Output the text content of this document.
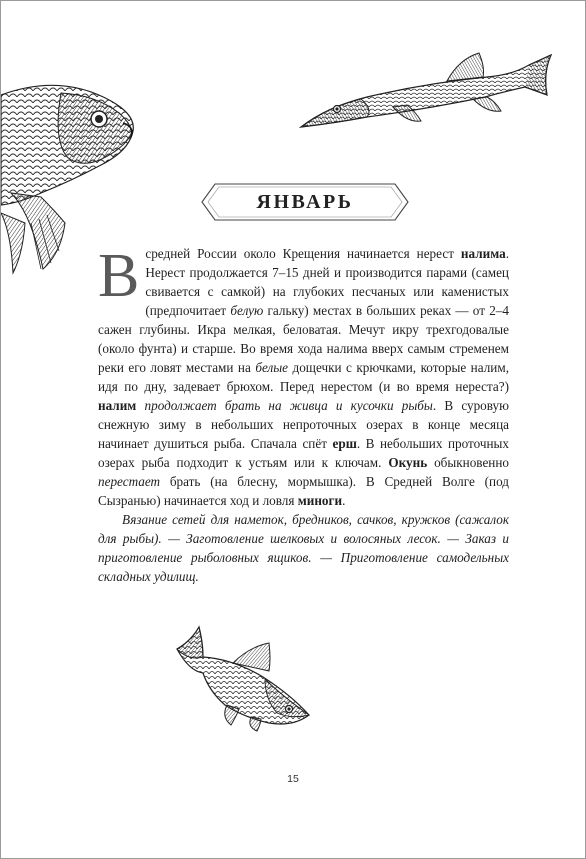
ЯНВАРЬ

В средней России около Крещения начинается нерест налима. Нерест продолжается 7–15 дней и производится парами (самец свивается с самкой) на глубоких песчаных или каменистых (предпочитает белую гальку) местах в больших реках — от 2–4 сажен глубины. Икра мелкая, беловатая. Мечут икру трехгодовалые (около фунта) и старше. Во время хода налима вверх самым стременем реки его ловят местами на белые дощечки с крючками, которые налим, идя по дну, задевает брюхом. Перед нерестом (и во время нереста?) налим продолжает брать на живца и кусочки рыбы. В суровую снежную зиму в небольших непроточных озерах в конце месяца начинает душиться рыба. Спачала спёт ерш. В небольших проточных озерах рыба подходит к устьям или к ключам. Окунь обыкновенно перестает брать (на блесну, мормышка). В Средней Волге (под Сызранью) начинается ход и ловля миноги.

Вязание сетей для наметок, бредников, сачков, кружков (сажалок для рыбы). — Заготовление шелковых и волосяных лесок. — Заказ и приготовление рыболовных ящиков. — Приготовление самодельных складных удилищ.

15
